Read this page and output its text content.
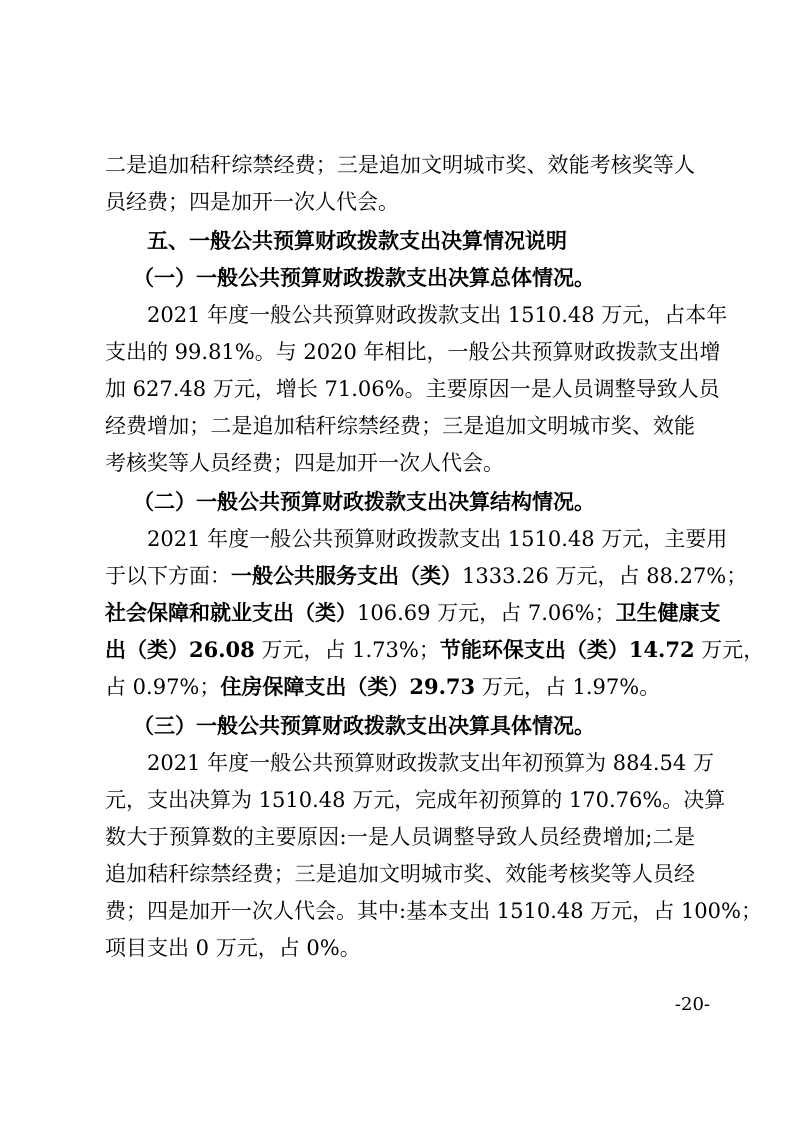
二是追加秸秆综禁经费；三是追加文明城市奖、效能考核奖等人
员经费；四是加开一次人代会。
五、一般公共预算财政拨款支出决算情况说明
（一）一般公共预算财政拨款支出决算总体情况。
2021 年度一般公共预算财政拨款支出 1510.48 万元，占本年
支出的 99.81%。与 2020 年相比，一般公共预算财政拨款支出增
加 627.48 万元，增长 71.06%。主要原因一是人员调整导致人员
经费增加；二是追加秸秆综禁经费；三是追加文明城市奖、效能
考核奖等人员经费；四是加开一次人代会。
（二）一般公共预算财政拨款支出决算结构情况。
2021 年度一般公共预算财政拨款支出 1510.48 万元，主要用
于以下方面：一般公共服务支出（类）1333.26 万元，占 88.27%；
社会保障和就业支出（类）106.69 万元，占 7.06%；卫生健康支
出（类）26.08 万元，占 1.73%；节能环保支出（类）14.72 万元，
占 0.97%；住房保障支出（类）29.73 万元，占 1.97%。
（三）一般公共预算财政拨款支出决算具体情况。
2021 年度一般公共预算财政拨款支出年初预算为 884.54 万
元，支出决算为 1510.48 万元，完成年初预算的 170.76%。决算
数大于预算数的主要原因:一是人员调整导致人员经费增加;二是
追加秸秆综禁经费；三是追加文明城市奖、效能考核奖等人员经
费；四是加开一次人代会。其中:基本支出 1510.48 万元，占 100%；
项目支出 0 万元，占 0%。
-20-
